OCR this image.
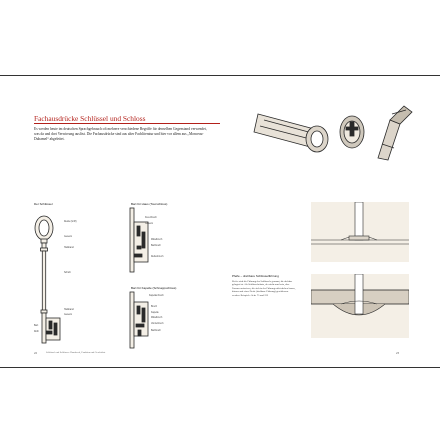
Fachausdrücke Schlüssel und Schloss
Es werden heute im deutschen Sprachgebrauch oft mehrere verschiedene Begriffe für denselben Gegenstand verwendet, was da und dort Verwirrung auslöst. Die Fachausdrücke sind aus alter Fachliteratur und hier vor allem aus „Monceau-Duhamel“ abgeleitet.
Der Schlüssel
Reide (Griff)
Gesenk
Halsband
Schaft
Halsband
Gesenk
Bart
Rohr
Bart für Haus (Tourschloss)
Kreuzbruch
Gesenk
Mittelbruch
Bartbruch
Reifenbruch
Bart für Kapelle (Schnappschloss)
Kapellenbruch
Bruch
Kapelle
Mittelbruch
Vorderbruch
Bartbruch
22	Schlüssel und Schlösser: Handwerk, Funktion und Geschichte
Pfeife – drehbare Schlüsselführung
Pfeife wird die Führung des Schlüssels genannt, die drehbar gelagert ist. Als Schlüsselschutz, der nicht rund sein, also Formen aufweisen, die sich in der Führung nicht drehen lassen, können mit einer Pfeife (drehbare Führung) geschlossen werden. Beispiele: Seite 75 und 223
23
